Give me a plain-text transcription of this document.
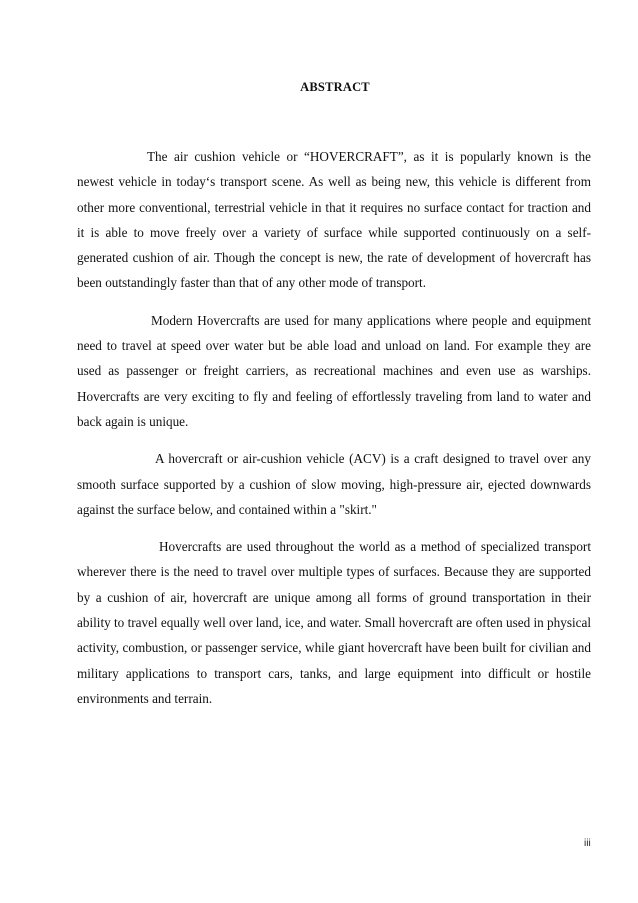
ABSTRACT

The air cushion vehicle or “HOVERCRAFT”, as it is popularly known is the newest vehicle in today‘s transport scene. As well as being new, this vehicle is different from other more conventional, terrestrial vehicle in that it requires no surface contact for traction and it is able to move freely over a variety of surface while supported continuously on a self-generated cushion of air. Though the concept is new, the rate of development of hovercraft has been outstandingly faster than that of any other mode of transport.

Modern Hovercrafts are used for many applications where people and equipment need to travel at speed over water but be able load and unload on land. For example they are used as passenger or freight carriers, as recreational machines and even use as warships. Hovercrafts are very exciting to fly and feeling of effortlessly traveling from land to water and back again is unique.

A hovercraft or air-cushion vehicle (ACV) is a craft designed to travel over any smooth surface supported by a cushion of slow moving, high-pressure air, ejected downwards against the surface below, and contained within a "skirt."

Hovercrafts are used throughout the world as a method of specialized transport wherever there is the need to travel over multiple types of surfaces. Because they are supported by a cushion of air, hovercraft are unique among all forms of ground transportation in their ability to travel equally well over land, ice, and water. Small hovercraft are often used in physical activity, combustion, or passenger service, while giant hovercraft have been built for civilian and military applications to transport cars, tanks, and large equipment into difficult or hostile environments and terrain.

iii
